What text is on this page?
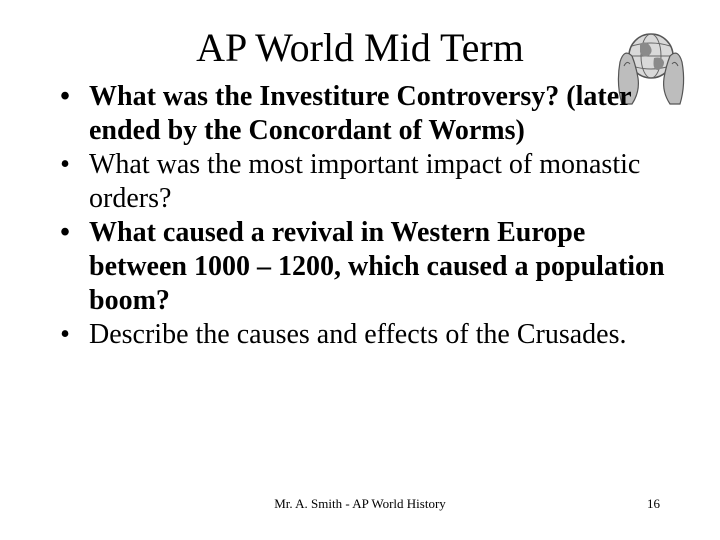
AP World Mid Term
• What was the Investiture Controversy? (later ended by the Concordant of Worms)
• What was the most important impact of monastic orders?
• What caused a revival in Western Europe between 1000 – 1200, which caused a population boom?
• Describe the causes and effects of the Crusades.
Mr. A. Smith - AP World History	16
